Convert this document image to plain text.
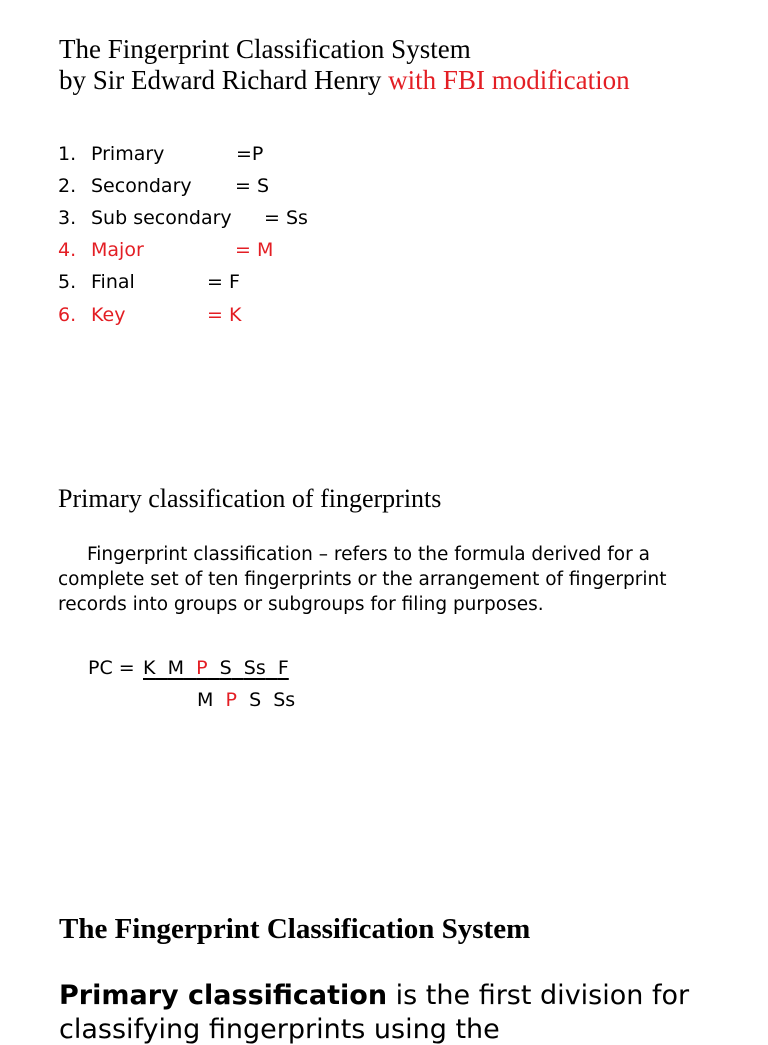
The Fingerprint Classification System
by Sir Edward Richard Henry with FBI modification
1. Primary	=P
2. Secondary = S
3. Sub secondary = Ss
4. Major	= M
5. Final	= F
6. Key	= K
Primary classification of fingerprints
Fingerprint classification – refers to the formula derived for a complete set of ten fingerprints or the arrangement of fingerprint records into groups or subgroups for filing purposes.
PC = K M P S Ss F
M P S Ss
The Fingerprint Classification System
Primary classification is the first division for
classifying fingerprints using the
